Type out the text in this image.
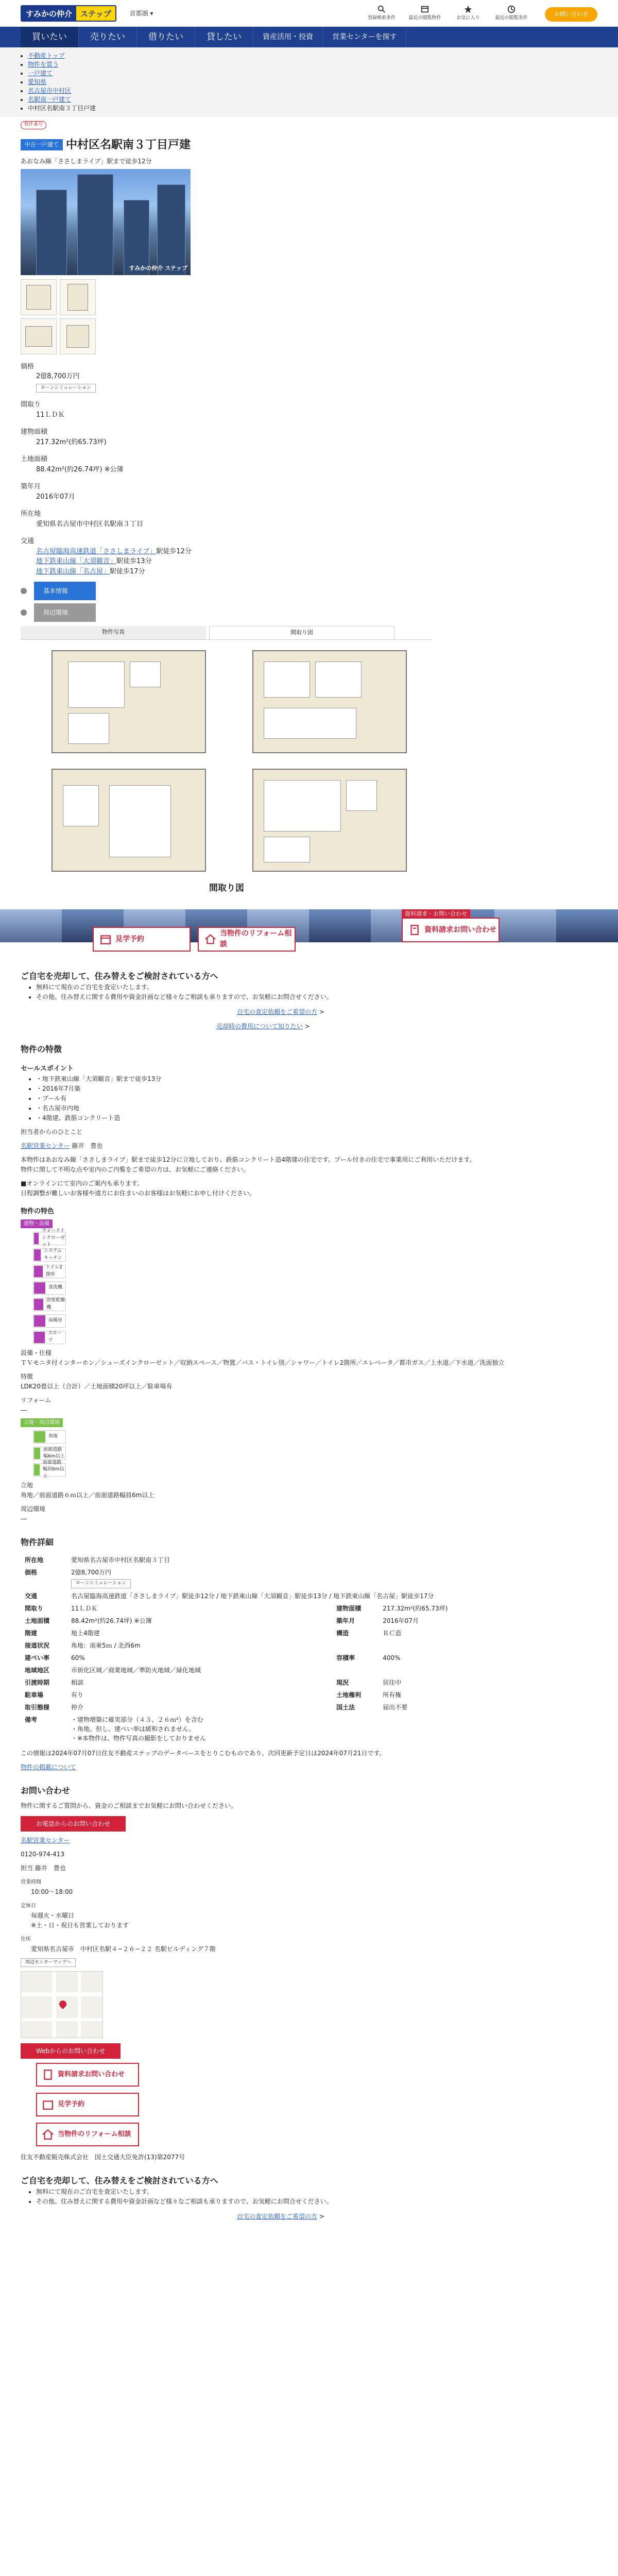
すみかの仲介	ステップ	首都圏 ▾
登録検索条件	最近の閲覧物件	お気に入り	最近の閲覧条件
お問い合わせ
買いたい	売りたい	借りたい	貸したい	資産活用・投資	営業センターを探す
• 不動産トップ
• 物件を買う
• 一戸建て
• 愛知県
• 名古屋市中村区
• 名駅南一戸建て
• 中村区名駅南３丁目戸建
物件番号
中古一戸建て 中村区名駅南３丁目戸建

あおなみ線「ささしまライブ」駅まで徒歩12分

すみかの仲介 ステップ
価格
2億8,700万円
ローンシミュレーション
間取り
11ＬＤＫ
建物面積
217.32m²(約65.73坪)
土地面積
88.42m²(約26.74坪) ※公簿
築年月
2016年07月
所在地
愛知県名古屋市中村区名駅南３丁目
交通
名古屋臨海高速鉄道「ささしまライブ」駅徒歩12分
地下鉄東山線「大須観音」駅徒歩13分
地下鉄東山線「名古屋」駅徒歩17分
基本情報
周辺環境
物件写真	間取り図
間取り図
見学予約
当物件のリフォーム相談
資料請求・お問い合わせ
資料請求お問い合わせ
ご自宅を売却して、住み替えをご検討されている方へ
• 無料にて現在のご自宅を査定いたします。
• その他、住み替えに関する費用や資金計画など様々なご相談も承りますので、お気軽にお問合せください。

自宅の査定依頼をご希望の方 >

売却時の費用について知りたい >

物件の特徴
セールスポイント
• ・地下鉄東山線「大須観音」駅まで徒歩13分
• ・2016年7月築
• ・プール有
• ・名古屋市内地
• ・4階建、鉄筋コンクリート造

担当者からのひとこと

名駅営業センター 藤井　豊也

本物件はあおなみ線「ささしまライブ」駅まで徒歩12分に立地しており、鉄筋コンクリート造4階建の住宅です。プール付きの住宅で事業用にご利用いただけます。

物件に関して不明な点や室内のご内覧をご希望の方は、お気軽にご連絡ください。

■オンラインにて室内のご案内も承ります。

日程調整が難しいお客様や遠方にお住まいのお客様はお気軽にお申し付けください。

物件の特色
建物・設備
ウォークインクローゼット
システムキッチン
トイレ2箇所
食洗機
浴室乾燥機
床暖房
スロープ

設備・仕様

ＴＶモニタ付インターホン／シューズインクローゼット／収納スペース／物置／バス・トイレ別／シャワー／トイレ2箇所／エレベータ／都市ガス／上水道／下水道／洗面独立

特徴

LDK20畳以上（合計）／土地面積20坪以上／駐車場有

リフォーム

―

立地・周辺環境
角地
前面道路幅6m以上
前面道路幅員6m以上

立地

角地／前面道路６ｍ以上／前面道路幅員6m以上

周辺環境

―

物件詳細
所在地	愛知県名古屋市中村区名駅南３丁目		
価格	2億8,700万円
ローンシミュレーション		
交通	名古屋臨海高速鉄道「ささしまライブ」駅徒歩12分 / 地下鉄東山線「大須観音」駅徒歩13分 / 地下鉄東山線「名古屋」駅徒歩17分		
間取り	11ＬＤＫ	建物面積	217.32m²(約65.73坪)
土地面積	88.42m²(約26.74坪) ※公簿	築年月	2016年07月
階建	地上4階建	構造	ＲＣ造
接道状況	角地：南東5ｍ / 北西6m		
建ぺい率	60%	容積率	400%
地域地区	市街化区域／商業地域／準防火地域／緑化地域		
引渡時期	相談	現況	居住中
駐車場	有り	土地権利	所有権
取引態様	仲介	国土法	届出不要
備考	・建物増築に確実部分（４３、２６ｍ²）を含む
・角地。但し、建ぺい率は緩和されません。
・※本物件は、物件写真の撮影をしておりません		

この情報は2024年07月07日住友不動産ステップのデータベースをとりこむものであり、次回更新予定日は2024年07月21日です。

物件の掲載について

お問い合わせ

物件に関するご質問から、資金のご相談までお気軽にお問い合わせください。

お電話からのお問い合わせ

名駅営業センター

0120-974-413

担当 藤井　豊也

営業時間

10:00〜18:00

定休日

毎週火・水曜日

※土・日・祝日も営業しております

住所

愛知県名古屋市　中村区名駅４−２６−２２ 名駅ビルディング７階

周辺センターマップへ
Webからのお問い合わせ
資料請求お問い合わせ
見学予約
当物件のリフォーム相談

住友不動産販売株式会社　国土交通大臣免許(13)第2077号

ご自宅を売却して、住み替えをご検討されている方へ
• 無料にて現在のご自宅を査定いたします。
• その他、住み替えに関する費用や資金計画など様々なご相談も承りますので、お気軽にお問合せください。

自宅の査定依頼をご希望の方 >
